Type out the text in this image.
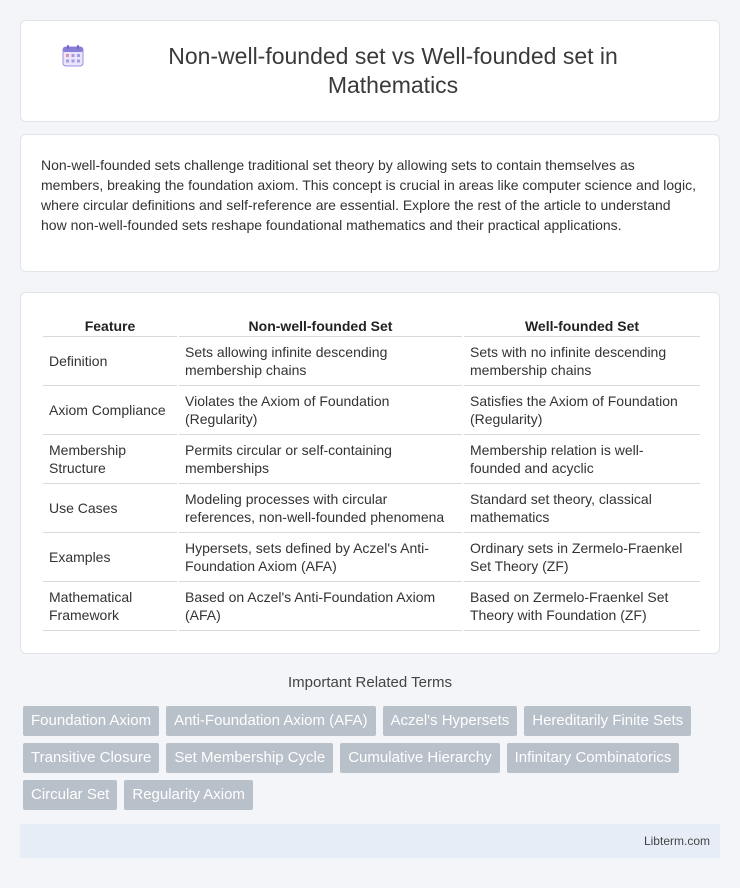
Non-well-founded set vs Well-founded set in Mathematics

Non-well-founded sets challenge traditional set theory by allowing sets to contain themselves as members, breaking the foundation axiom. This concept is crucial in areas like computer science and logic, where circular definitions and self-reference are essential. Explore the rest of the article to understand how non-well-founded sets reshape foundational mathematics and their practical applications.

Feature	Non-well-founded Set	Well-founded Set
Definition	Sets allowing infinite descending membership chains	Sets with no infinite descending membership chains
Axiom Compliance	Violates the Axiom of Foundation (Regularity)	Satisfies the Axiom of Foundation (Regularity)
Membership Structure	Permits circular or self-containing memberships	Membership relation is well-founded and acyclic
Use Cases	Modeling processes with circular references, non-well-founded phenomena	Standard set theory, classical mathematics
Examples	Hypersets, sets defined by Aczel's Anti-Foundation Axiom (AFA)	Ordinary sets in Zermelo-Fraenkel Set Theory (ZF)
Mathematical Framework	Based on Aczel's Anti-Foundation Axiom (AFA)	Based on Zermelo-Fraenkel Set Theory with Foundation (ZF)
Important Related Terms
Foundation Axiom	Anti-Foundation Axiom (AFA)	Aczel's Hypersets	Hereditarily Finite Sets
Transitive Closure	Set Membership Cycle	Cumulative Hierarchy	Infinitary Combinatorics
Circular Set	Regularity Axiom
Libterm.com
